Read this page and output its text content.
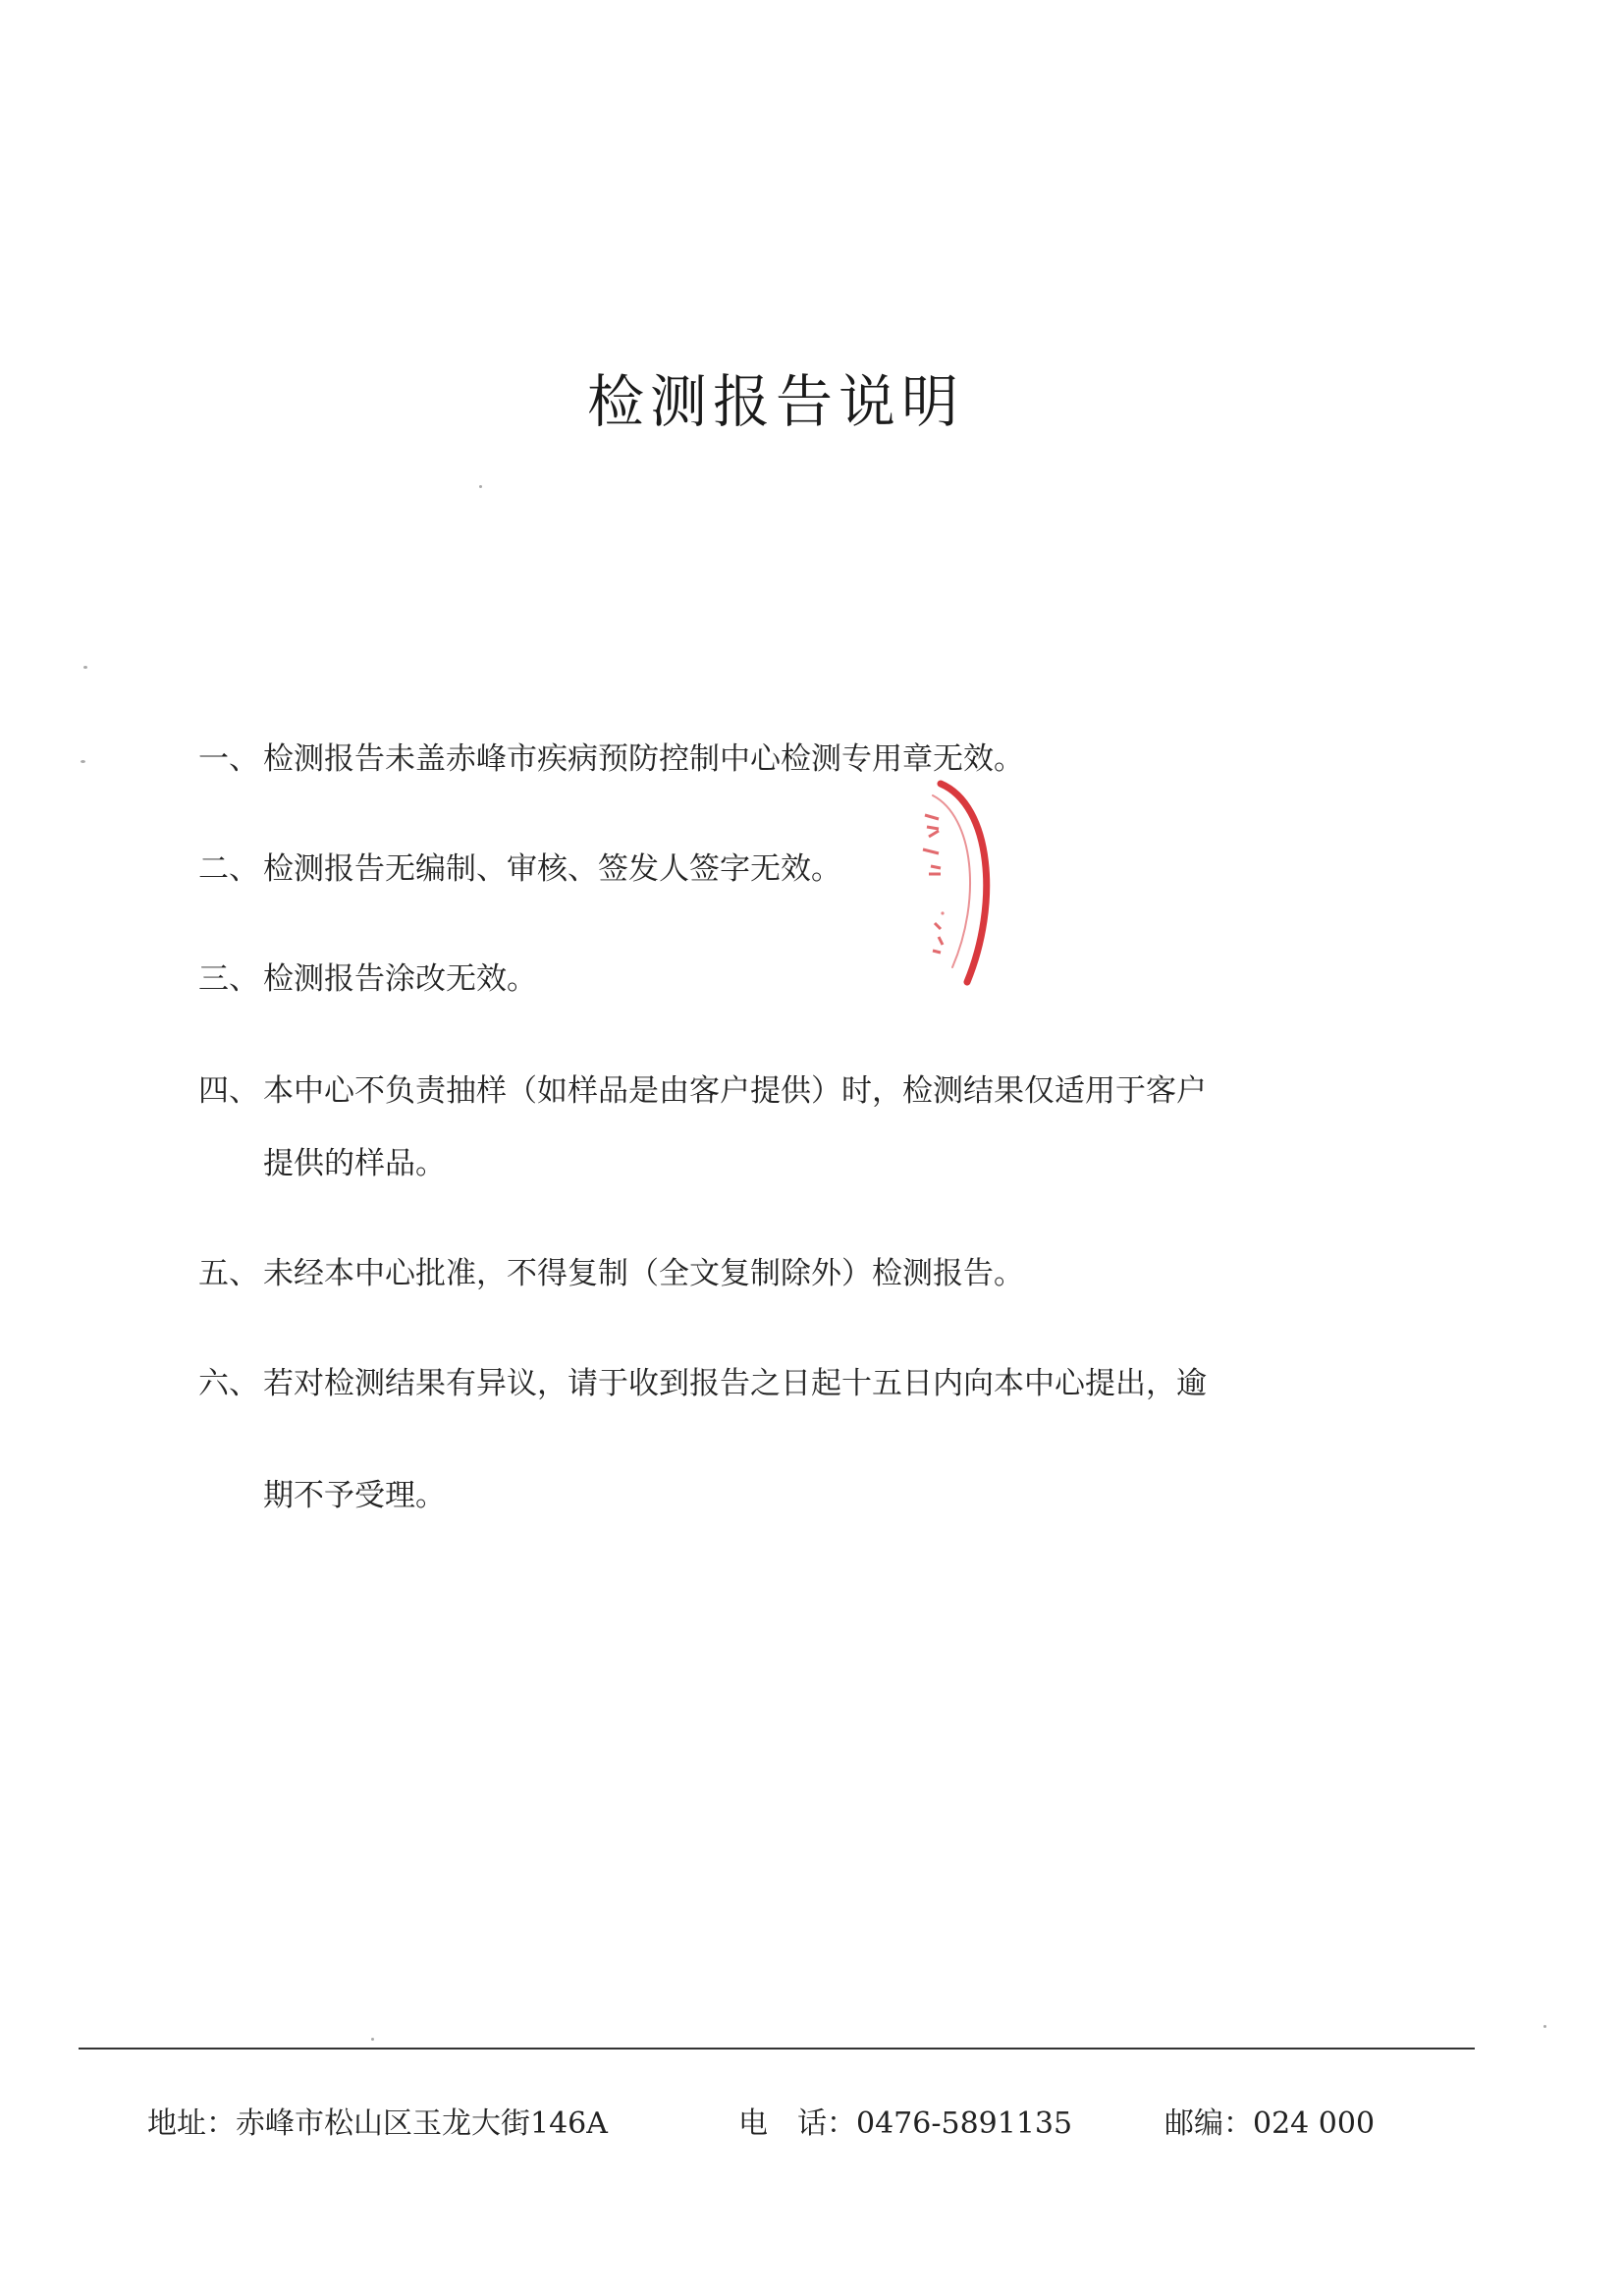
检测报告说明
一、 检测报告未盖赤峰市疾病预防控制中心检测专用章无效。
二、 检测报告无编制、审核、签发人签字无效。
三、 检测报告涂改无效。
四、 本中心不负责抽样（如样品是由客户提供）时，检测结果仅适用于客户
提供的样品。
五、 未经本中心批准，不得复制（全文复制除外）检测报告。
六、 若对检测结果有异议，请于收到报告之日起十五日内向本中心提出，逾
期不予受理。
地址：赤峰市松山区玉龙大街146A	电　话：0476-5891135	邮编：024 000
